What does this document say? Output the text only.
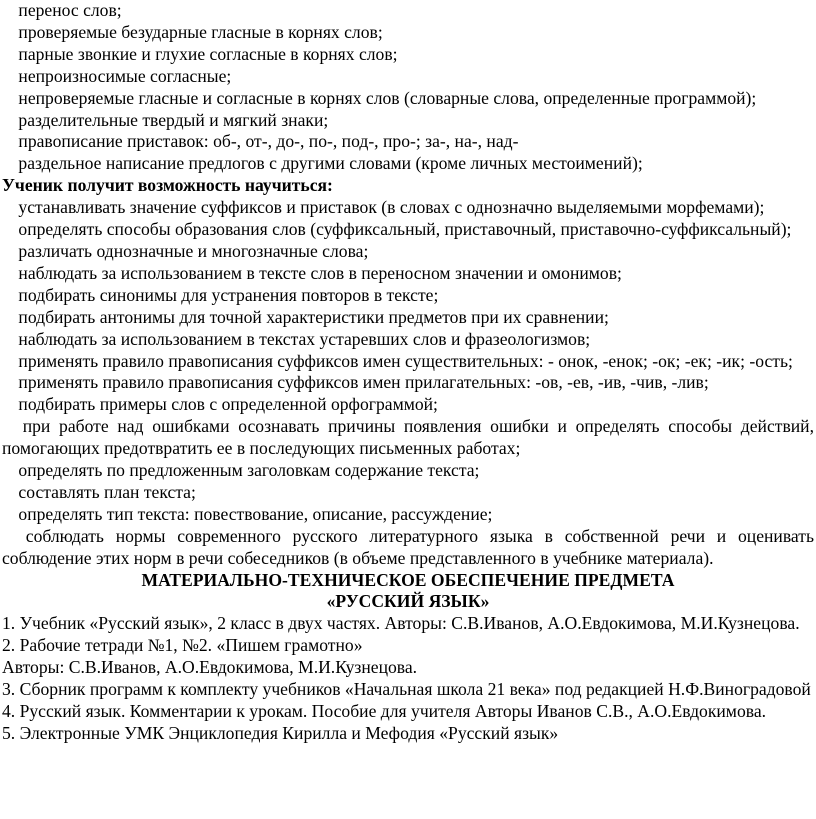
перенос слов;
проверяемые безударные гласные в корнях слов;
парные звонкие и глухие согласные в корнях слов;
непроизносимые согласные;
непроверяемые гласные и согласные в корнях слов (словарные слова, определенные программой);
разделительные твердый и мягкий знаки;
правописание приставок: об-, от-, до-, по-, под-, про-; за-, на-, над-
раздельное написание предлогов с другими словами (кроме личных местоимений);
Ученик получит возможность научиться:
устанавливать значение суффиксов и приставок (в словах с однозначно выделяемыми морфемами);
определять способы образования слов (суффиксальный, приставочный, приставочно-суффиксальный);
различать однозначные и многозначные слова;
наблюдать за использованием в тексте слов в переносном значении и омонимов;
подбирать синонимы для устранения повторов в тексте;
подбирать антонимы для точной характеристики предметов при их сравнении;
наблюдать за использованием в текстах устаревших слов и фразеологизмов;
применять правило правописания суффиксов имен существительных: - онок, -енок; -ок; -ек; -ик; -ость;
применять правило правописания суффиксов имен прилагательных: -ов, -ев, -ив, -чив, -лив;
подбирать примеры слов с определенной орфограммой;
при работе над ошибками осознавать причины появления ошибки и определять способы действий, помогающих предотвратить ее в последующих письменных работах;
определять по предложенным заголовкам содержание текста;
составлять план текста;
определять тип текста: повествование, описание, рассуждение;
соблюдать нормы современного русского литературного языка в собственной речи и оценивать соблюдение этих норм в речи собеседников (в объеме представленного в учебнике материала).
МАТЕРИАЛЬНО-ТЕХНИЧЕСКОЕ ОБЕСПЕЧЕНИЕ ПРЕДМЕТА
«РУССКИЙ ЯЗЫК»
1. Учебник «Русский язык», 2 класс в двух частях. Авторы: С.В.Иванов, А.О.Евдокимова, М.И.Кузнецова.
2. Рабочие тетради №1, №2. «Пишем грамотно»
Авторы: С.В.Иванов, А.О.Евдокимова, М.И.Кузнецова.
3. Сборник программ к комплекту учебников «Начальная школа 21 века» под редакцией Н.Ф.Виноградовой
4. Русский язык. Комментарии к урокам. Пособие для учителя Авторы Иванов С.В., А.О.Евдокимова.
5. Электронные УМК Энциклопедия Кирилла и Мефодия «Русский язык»
